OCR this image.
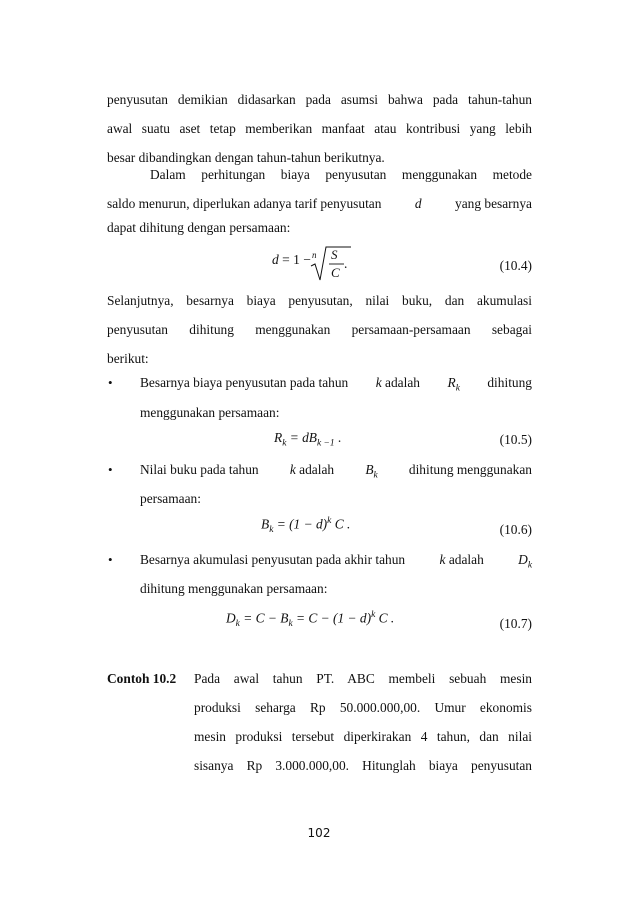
penyusutan demikian didasarkan pada asumsi bahwa pada tahun-tahun
awal suatu aset tetap memberikan manfaat atau kontribusi yang lebih
besar dibandingkan dengan tahun-tahun berikutnya.
Dalam perhitungan biaya penyusutan menggunakan metode
saldo menurun, diperlukan adanya tarif penyusutan d yang besarnya
dapat dihitung dengan persamaan:
d = 1 − n S
C
.	(10.4)
Selanjutnya, besarnya biaya penyusutan, nilai buku, dan akumulasi
penyusutan dihitung menggunakan persamaan-persamaan sebagai
berikut:
• Besarnya biaya penyusutan pada tahun k adalah $R_k$ dihitung
menggunakan persamaan:
$R_k = dB_{k -1}$ .	(10.5)
• Nilai buku pada tahun k adalah $B_k$ dihitung menggunakan
persamaan:
$B_k = (1 - d)^k$ C .	(10.6)
• Besarnya akumulasi penyusutan pada akhir tahun	k adalah	$D_k$
dihitung menggunakan persamaan:
$D_k = C - B_k = C - (1 - d)^k$ C .	(10.7)
Contoh 10.2 Pada awal tahun PT. ABC membeli sebuah mesin
produksi seharga Rp 50.000.000,00. Umur ekonomis
mesin produksi tersebut diperkirakan 4 tahun, dan nilai
sisanya Rp 3.000.000,00. Hitunglah biaya penyusutan
102
